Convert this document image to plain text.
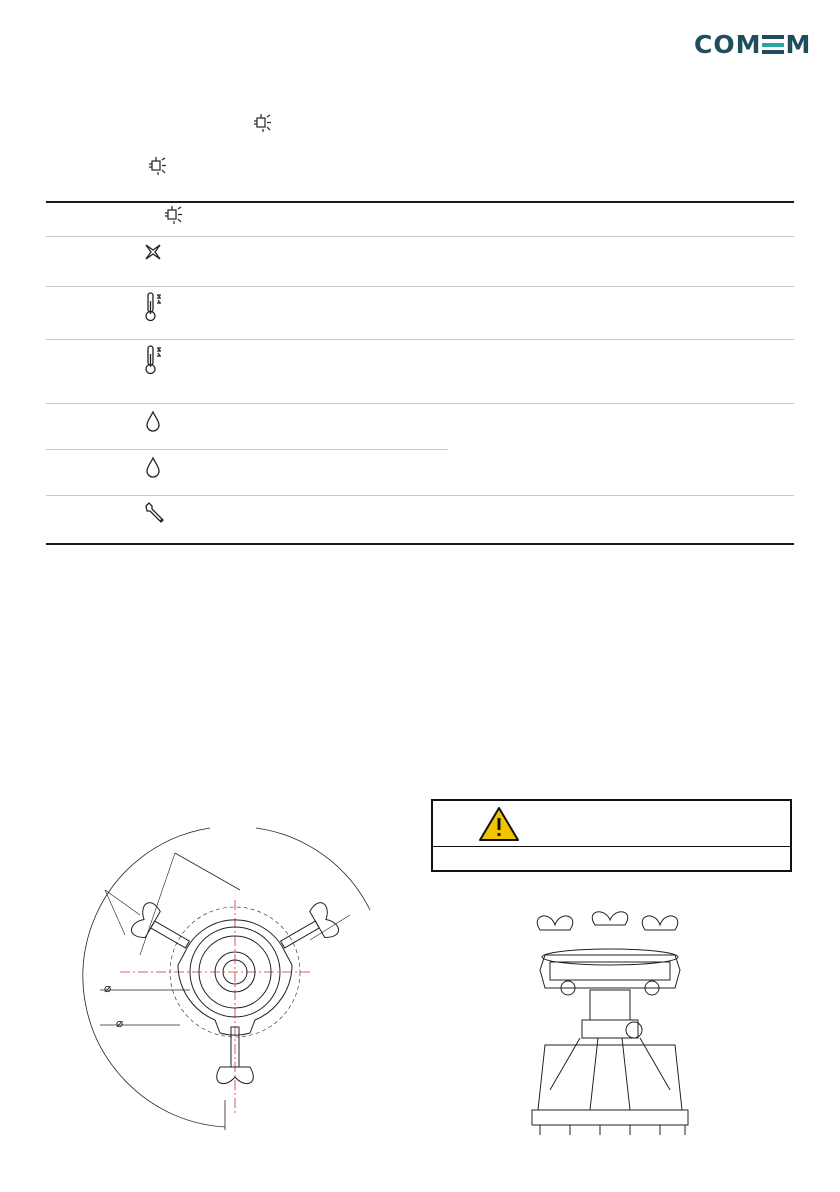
COM M
⌀
⌀
